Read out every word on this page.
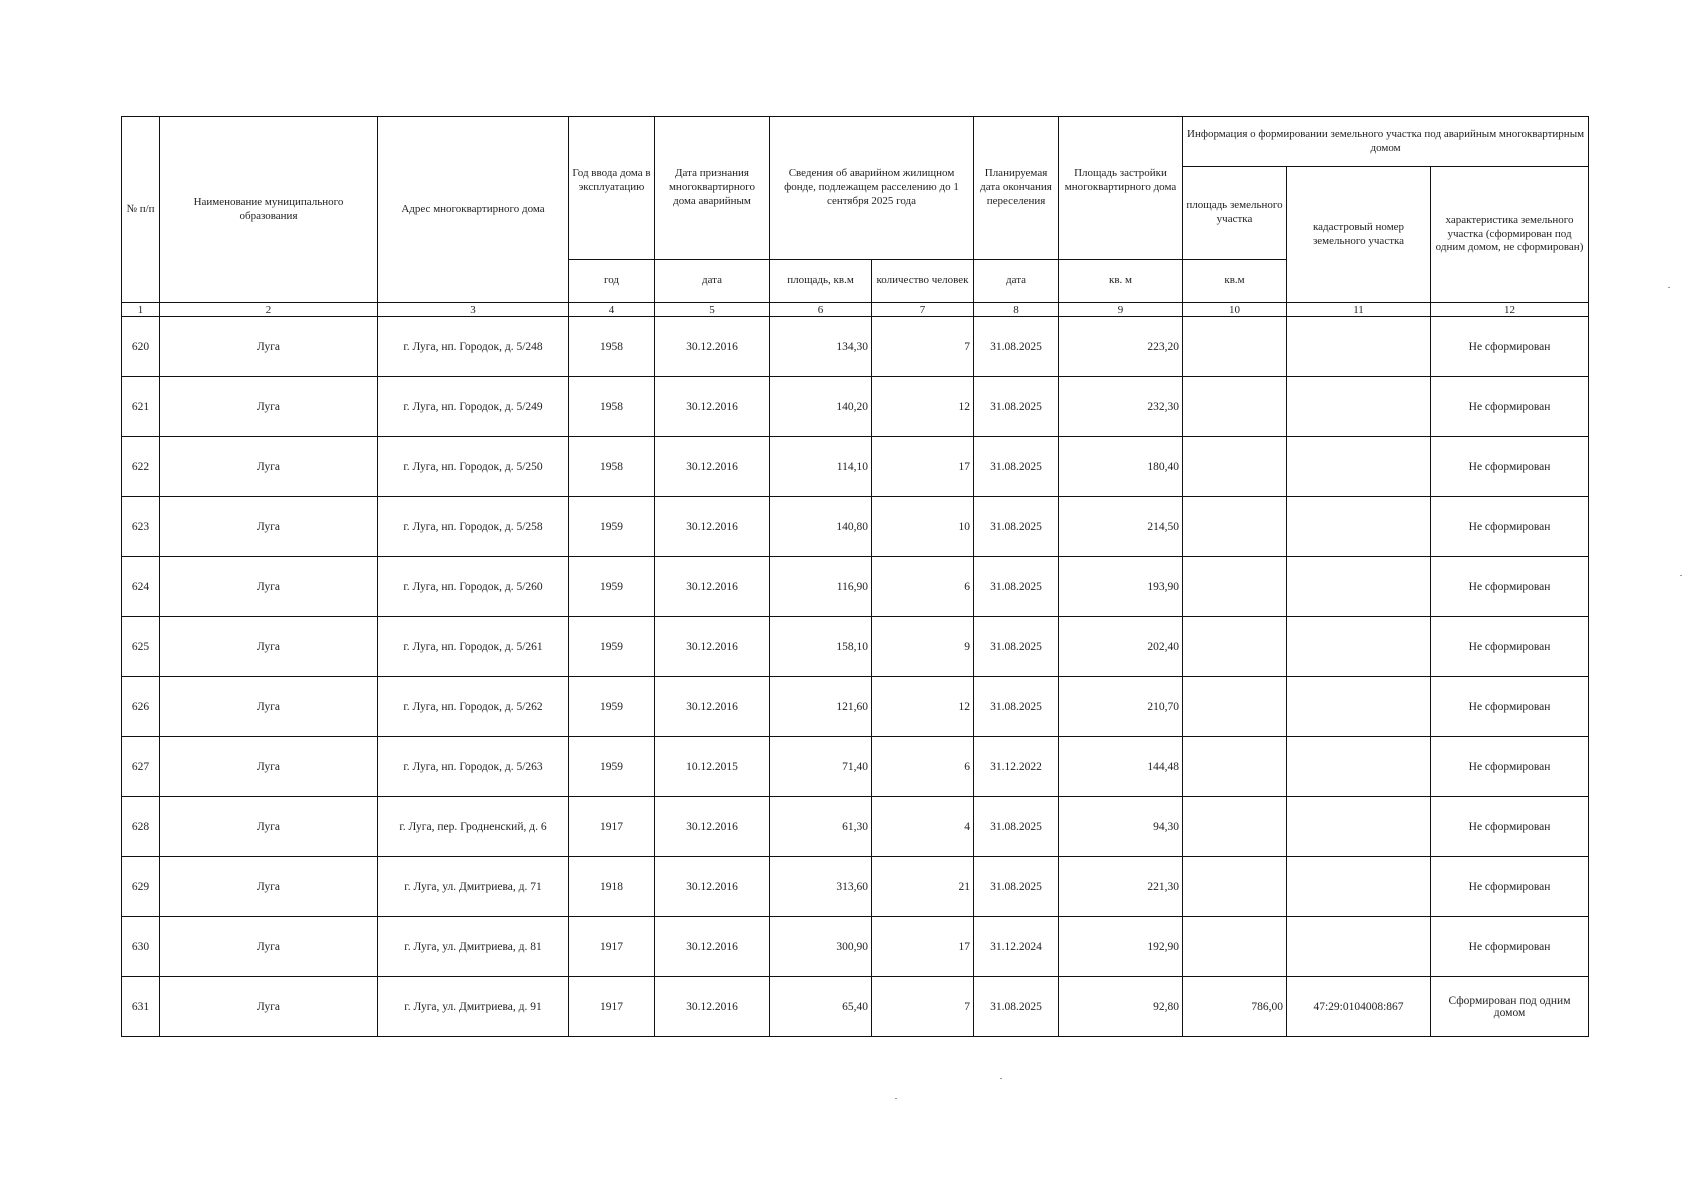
№ п/п	Наименование муниципального образования	Адрес многоквартирного дома	Год ввода дома в эксплуатацию	Дата признания многоквартирного дома аварийным	Сведения об аварийном жилищном фонде, подлежащем расселению до 1 сентября 2025 года		Планируемая дата окончания переселения	Площадь застройки многоквартирного дома	Информация о формировании земельного участка под аварийным многоквартирным домом		
									площадь земельного участка	кадастровый номер земельного участка	характеристика земельного участка (сформирован под одним домом, не сформирован)
			год	дата	площадь, кв.м	количество человек	дата	кв. м	кв.м		
1	2	3	4	5	6	7	8	9	10	11	12
620	Луга	г. Луга, нп. Городок, д. 5/248	1958	30.12.2016	134,30	7	31.08.2025	223,20			Не сформирован
621	Луга	г. Луга, нп. Городок, д. 5/249	1958	30.12.2016	140,20	12	31.08.2025	232,30			Не сформирован
622	Луга	г. Луга, нп. Городок, д. 5/250	1958	30.12.2016	114,10	17	31.08.2025	180,40			Не сформирован
623	Луга	г. Луга, нп. Городок, д. 5/258	1959	30.12.2016	140,80	10	31.08.2025	214,50			Не сформирован
624	Луга	г. Луга, нп. Городок, д. 5/260	1959	30.12.2016	116,90	6	31.08.2025	193,90			Не сформирован
625	Луга	г. Луга, нп. Городок, д. 5/261	1959	30.12.2016	158,10	9	31.08.2025	202,40			Не сформирован
626	Луга	г. Луга, нп. Городок, д. 5/262	1959	30.12.2016	121,60	12	31.08.2025	210,70			Не сформирован
627	Луга	г. Луга, нп. Городок, д. 5/263	1959	10.12.2015	71,40	6	31.12.2022	144,48			Не сформирован
628	Луга	г. Луга, пер. Гродненский, д. 6	1917	30.12.2016	61,30	4	31.08.2025	94,30			Не сформирован
629	Луга	г. Луга, ул. Дмитриева, д. 71	1918	30.12.2016	313,60	21	31.08.2025	221,30			Не сформирован
630	Луга	г. Луга, ул. Дмитриева, д. 81	1917	30.12.2016	300,90	17	31.12.2024	192,90			Не сформирован
631	Луга	г. Луга, ул. Дмитриева, д. 91	1917	30.12.2016	65,40	7	31.08.2025	92,80	786,00	47:29:0104008:867	Сформирован под одним домом
